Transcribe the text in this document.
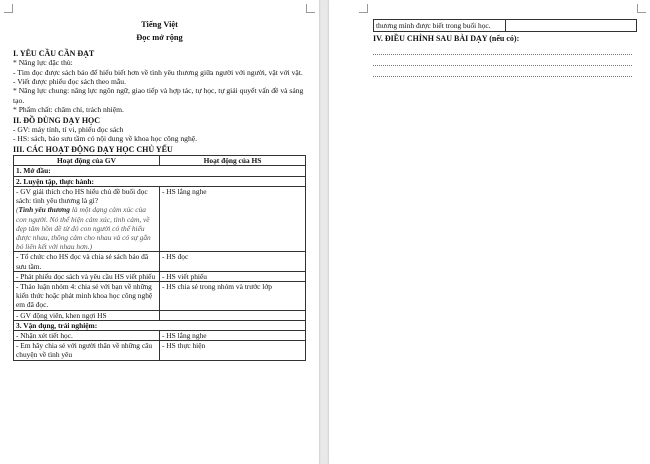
Tiếng Việt
Đọc mở rộng
I. YÊU CẦU CẦN ĐẠT

* Năng lực đặc thù:

- Tìm đọc được sách báo để hiểu biết hơn về tình yêu thương giữa người với người, vật với vật.

- Viết được phiếu đọc sách theo mẫu.

* Năng lực chung: năng lực ngôn ngữ, giao tiếp và hợp tác, tự học, tự giải quyết vấn đề và sáng tạo.

* Phẩm chất: chăm chỉ, trách nhiệm.

II. ĐỒ DÙNG DẠY HỌC

- GV: máy tính, tí vi, phiếu đọc sách

- HS: sách, báo sưu tầm có nội dung về khoa học công nghệ.

III. CÁC HOẠT ĐỘNG DẠY HỌC CHỦ YẾU
Hoạt động của GV	Hoạt động của HS
1. Mở đầu:	
2. Luyện tập, thực hành:	

- GV giải thích cho HS hiểu chủ đề buổi đọc sách: tình yêu thương là gì?
(Tình yêu thương là một dạng cảm xúc của con người. Nó thể hiện cảm xúc, tình cảm, về đẹp tâm hồn đề từ đó con người có thể hiểu được nhau, thông cảm cho nhau và có sự gắn bó liên kết với nhau hơn.)	- HS lắng nghe
- Tổ chức cho HS đọc và chia sẻ sách báo đã sưu tầm.	- HS đọc
- Phát phiếu đọc sách và yêu cầu HS viết phiếu	- HS viết phiếu
- Thảo luận nhóm 4: chia sẻ với bạn về những kiến thức hoặc phát minh khoa học công nghệ em đã đọc.	- HS chia sẻ trong nhóm và trước lớp
- GV động viên, khen ngợi HS	
3. Vận dụng, trải nghiệm:	
- Nhận xét tiết học.	- HS lắng nghe
- Em hãy chia sẻ với người thân về những câu chuyện về tình yêu	- HS thực hiện
thương mình được biết trong buổi học.	
IV. ĐIỀU CHỈNH SAU BÀI DẠY (nếu có):
